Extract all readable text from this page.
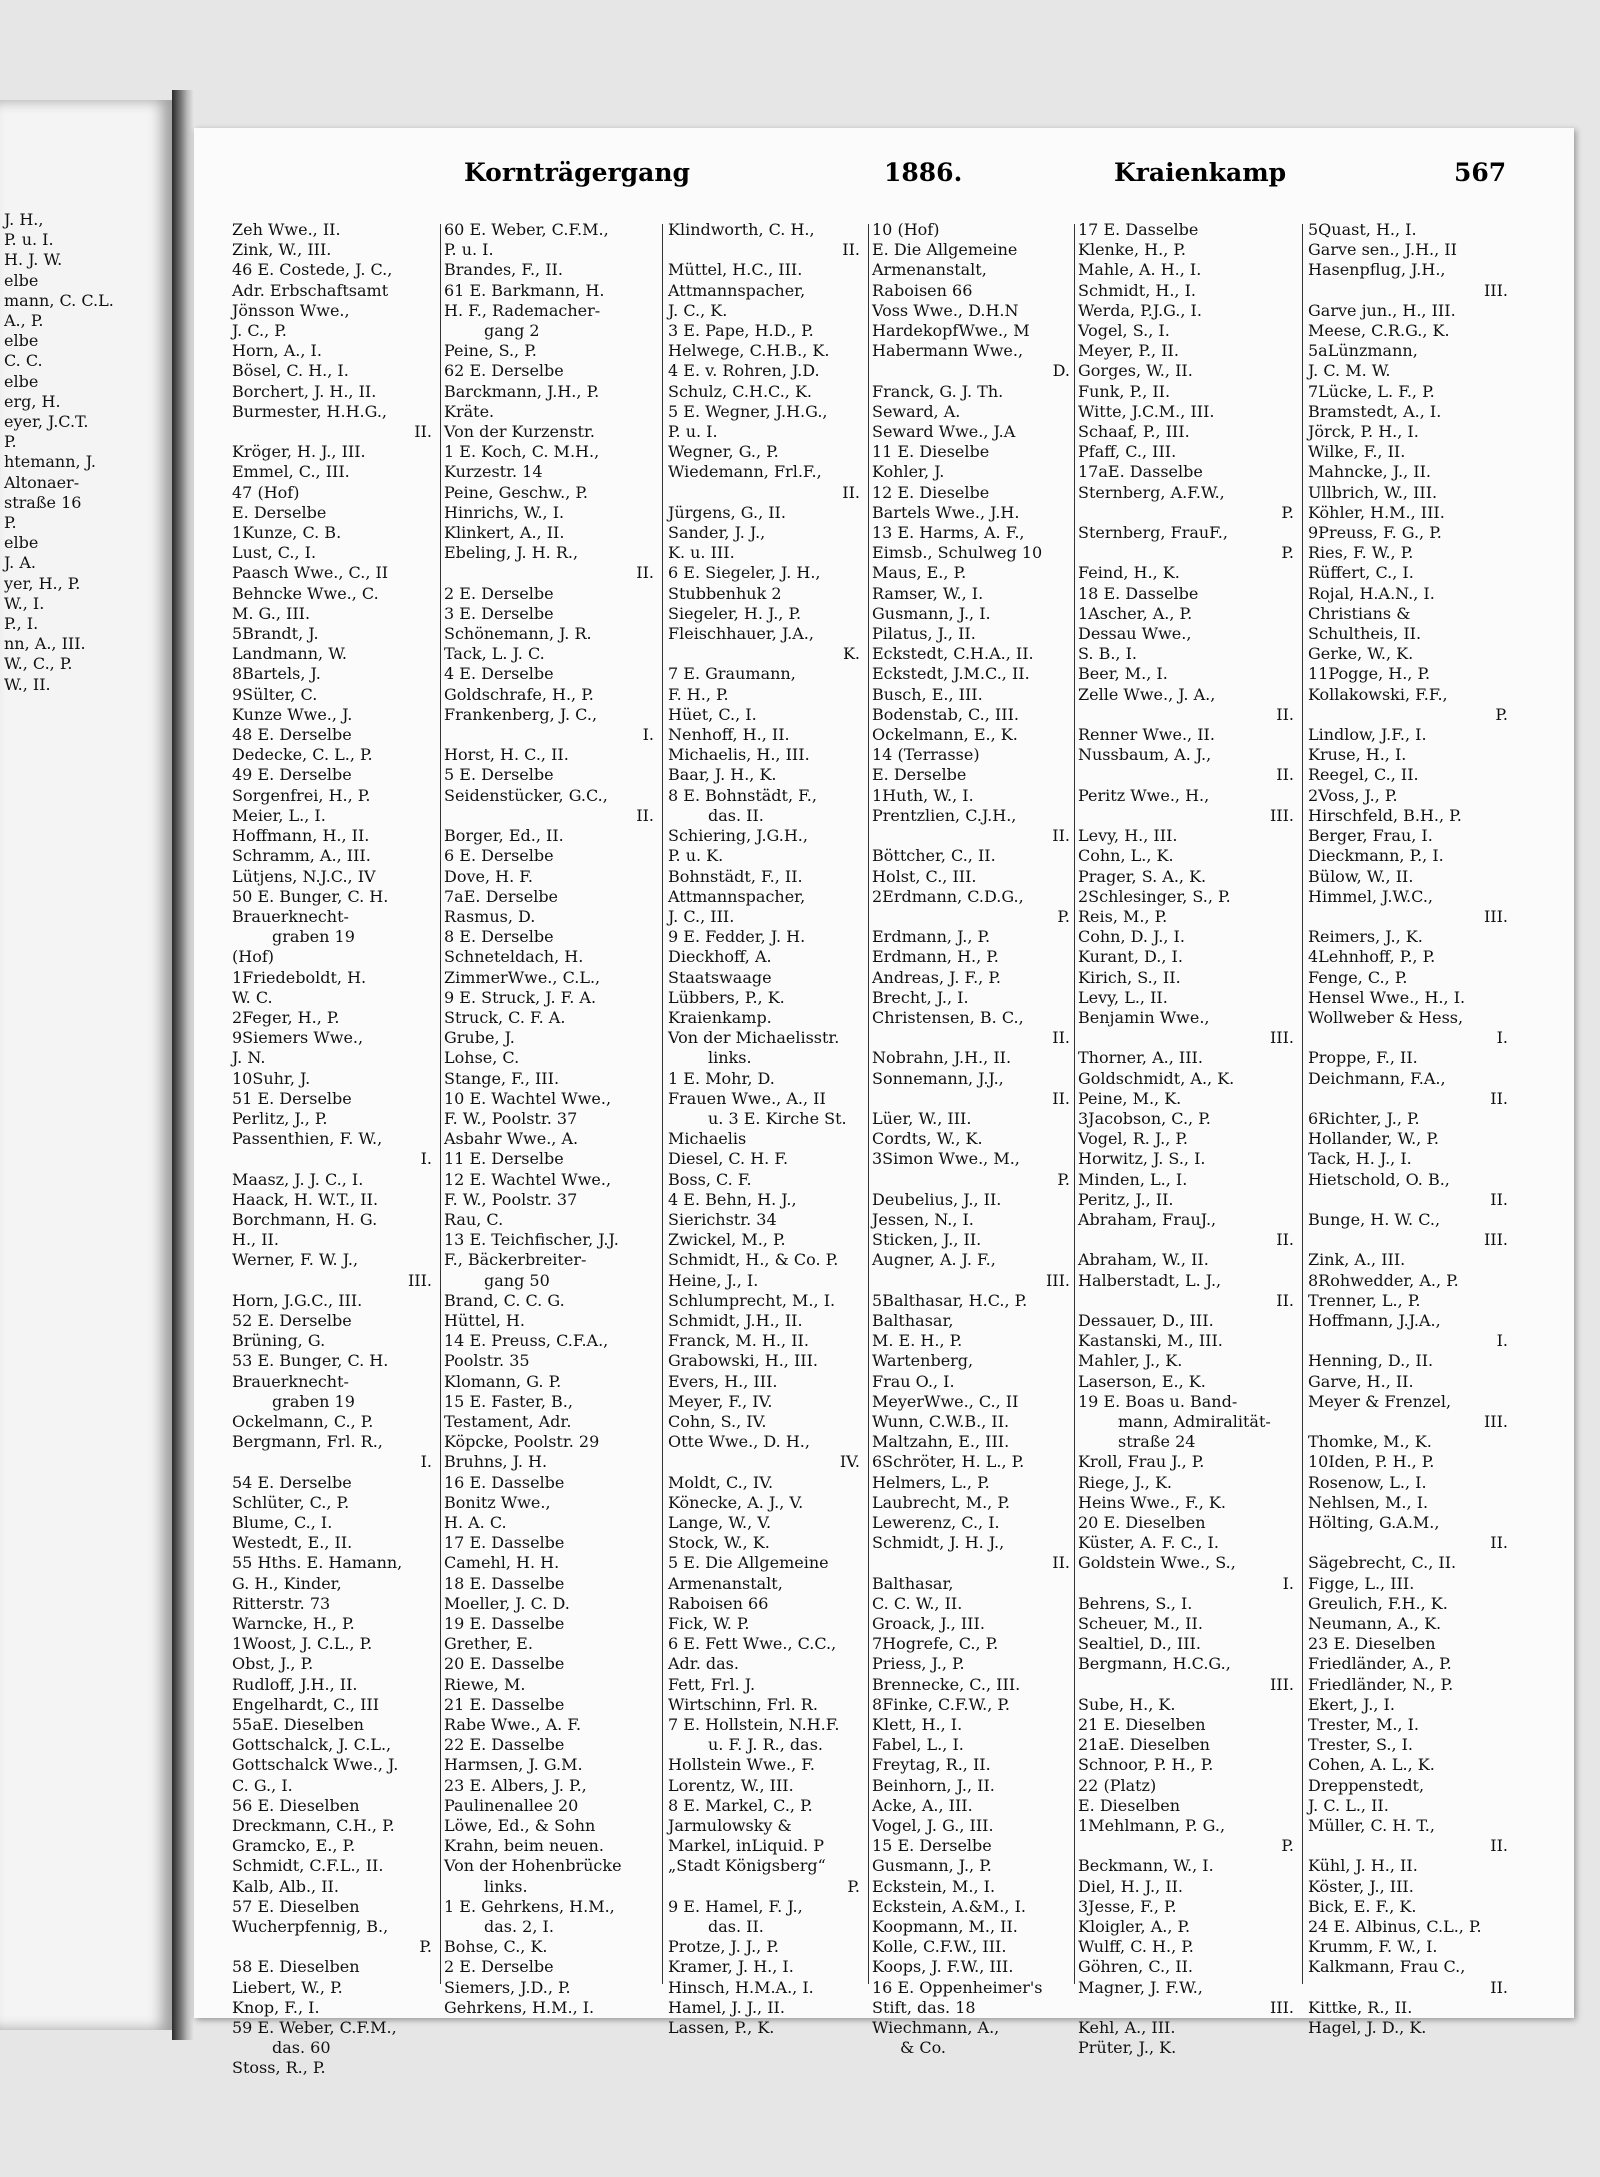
J. H.,
P. u. I.
H. J. W.
elbe
mann, C. C.L.
A., P.
elbe
C. C.
elbe
erg, H.
eyer, J.C.T.
P.
htemann, J.
Altonaer-
straße 16
P.
elbe
J. A.
yer, H., P.
W., I.
P., I.
nn, A., III.
W., C., P.
W., II.
Kornträgergang	1886.	Kraienkamp	567
Zeh Wwe., II.
Zink, W., III.
46 E. Costede, J. C.,
Adr. Erbschaftsamt
Jönsson Wwe.,
J. C., P.
Horn, A., I.
Bösel, C. H., I.
Borchert, J. H., II.
Burmester, H.H.G.,
II.
Kröger, H. J., III.
Emmel, C., III.
47 (Hof)
E. Derselbe
1Kunze, C. B.
Lust, C., I.
Paasch Wwe., C., II
Behncke Wwe., C.
M. G., III.
5Brandt, J.
Landmann, W.
8Bartels, J.
9Sülter, C.
Kunze Wwe., J.
48 E. Derselbe
Dedecke, C. L., P.
49 E. Derselbe
Sorgenfrei, H., P.
Meier, L., I.
Hoffmann, H., II.
Schramm, A., III.
Lütjens, N.J.C., IV
50 E. Bunger, C. H.
Brauerknecht-
graben 19
(Hof)
1Friedeboldt, H.
W. C.
2Feger, H., P.
9Siemers Wwe.,
J. N.
10Suhr, J.
51 E. Derselbe
Perlitz, J., P.
Passenthien, F. W.,
I.
Maasz, J. J. C., I.
Haack, H. W.T., II.
Borchmann, H. G.
H., II.
Werner, F. W. J.,
III.
Horn, J.G.C., III.
52 E. Derselbe
Brüning, G.
53 E. Bunger, C. H.
Brauerknecht-
graben 19
Ockelmann, C., P.
Bergmann, Frl. R.,
I.
54 E. Derselbe
Schlüter, C., P.
Blume, C., I.
Westedt, E., II.
55 Hths. E. Hamann,
G. H., Kinder,
Ritterstr. 73
Warncke, H., P.
1Woost, J. C.L., P.
Obst, J., P.
Rudloff, J.H., II.
Engelhardt, C., III
55aE. Dieselben
Gottschalck, J. C.L.,
Gottschalck Wwe., J.
C. G., I.
56 E. Dieselben
Dreckmann, C.H., P.
Gramcko, E., P.
Schmidt, C.F.L., II.
Kalb, Alb., II.
57 E. Dieselben
Wucherpfennig, B.,
P.
58 E. Dieselben
Liebert, W., P.
Knop, F., I.
59 E. Weber, C.F.M.,
das. 60
Stoss, R., P.
60 E. Weber, C.F.M.,
P. u. I.
Brandes, F., II.
61 E. Barkmann, H.
H. F., Rademacher-
gang 2
Peine, S., P.
62 E. Derselbe
Barckmann, J.H., P.
Kräte.
Von der Kurzenstr.
1 E. Koch, C. M.H.,
Kurzestr. 14
Peine, Geschw., P.
Hinrichs, W., I.
Klinkert, A., II.
Ebeling, J. H. R.,
II.
2 E. Derselbe
3 E. Derselbe
Schönemann, J. R.
Tack, L. J. C.
4 E. Derselbe
Goldschrafe, H., P.
Frankenberg, J. C.,
I.
Horst, H. C., II.
5 E. Derselbe
Seidenstücker, G.C.,
II.
Borger, Ed., II.
6 E. Derselbe
Dove, H. F.
7aE. Derselbe
Rasmus, D.
8 E. Derselbe
Schneteldach, H.
ZimmerWwe., C.L.,
9 E. Struck, J. F. A.
Struck, C. F. A.
Grube, J.
Lohse, C.
Stange, F., III.
10 E. Wachtel Wwe.,
F. W., Poolstr. 37
Asbahr Wwe., A.
11 E. Derselbe
12 E. Wachtel Wwe.,
F. W., Poolstr. 37
Rau, C.
13 E. Teichfischer, J.J.
F., Bäckerbreiter-
gang 50
Brand, C. C. G.
Hüttel, H.
14 E. Preuss, C.F.A.,
Poolstr. 35
Klomann, G. P.
15 E. Faster, B.,
Testament, Adr.
Köpcke, Poolstr. 29
Bruhns, J. H.
16 E. Dasselbe
Bonitz Wwe.,
H. A. C.
17 E. Dasselbe
Camehl, H. H.
18 E. Dasselbe
Moeller, J. C. D.
19 E. Dasselbe
Grether, E.
20 E. Dasselbe
Riewe, M.
21 E. Dasselbe
Rabe Wwe., A. F.
22 E. Dasselbe
Harmsen, J. G.M.
23 E. Albers, J. P.,
Paulinenallee 20
Löwe, Ed., & Sohn
Krahn, beim neuen.
Von der Hohenbrücke
links.
1 E. Gehrkens, H.M.,
das. 2, I.
Bohse, C., K.
2 E. Derselbe
Siemers, J.D., P.
Gehrkens, H.M., I.
Klindworth, C. H.,
II.
Müttel, H.C., III.
Attmannspacher,
J. C., K.
3 E. Pape, H.D., P.
Helwege, C.H.B., K.
4 E. v. Rohren, J.D.
Schulz, C.H.C., K.
5 E. Wegner, J.H.G.,
P. u. I.
Wegner, G., P.
Wiedemann, Frl.F.,
II.
Jürgens, G., II.
Sander, J. J.,
K. u. III.
6 E. Siegeler, J. H.,
Stubbenhuk 2
Siegeler, H. J., P.
Fleischhauer, J.A.,
K.
7 E. Graumann,
F. H., P.
Hüet, C., I.
Nenhoff, H., II.
Michaelis, H., III.
Baar, J. H., K.
8 E. Bohnstädt, F.,
das. II.
Schiering, J.G.H.,
P. u. K.
Bohnstädt, F., II.
Attmannspacher,
J. C., III.
9 E. Fedder, J. H.
Dieckhoff, A.
Staatswaage
Lübbers, P., K.
Kraienkamp.
Von der Michaelisstr.
links.
1 E. Mohr, D.
Frauen Wwe., A., II
u. 3 E. Kirche St.
Michaelis
Diesel, C. H. F.
Boss, C. F.
4 E. Behn, H. J.,
Sierichstr. 34
Zwickel, M., P.
Schmidt, H., & Co. P.
Heine, J., I.
Schlumprecht, M., I.
Schmidt, J.H., II.
Franck, M. H., II.
Grabowski, H., III.
Evers, H., III.
Meyer, F., IV.
Cohn, S., IV.
Otte Wwe., D. H.,
IV.
Moldt, C., IV.
Könecke, A. J., V.
Lange, W., V.
Stock, W., K.
5 E. Die Allgemeine
Armenanstalt,
Raboisen 66
Fick, W. P.
6 E. Fett Wwe., C.C.,
Adr. das.
Fett, Frl. J.
Wirtschinn, Frl. R.
7 E. Hollstein, N.H.F.
u. F. J. R., das.
Hollstein Wwe., F.
Lorentz, W., III.
8 E. Markel, C., P.
Jarmulowsky &
Markel, inLiquid. P
„Stadt Königsberg“
P.
9 E. Hamel, F. J.,
das. II.
Protze, J. J., P.
Kramer, J. H., I.
Hinsch, H.M.A., I.
Hamel, J. J., II.
Lassen, P., K.
10 (Hof)
E. Die Allgemeine
Armenanstalt,
Raboisen 66
Voss Wwe., D.H.N
HardekopfWwe., M
Habermann Wwe.,
D.
Franck, G. J. Th.
Seward, A.
Seward Wwe., J.A
11 E. Dieselbe
Kohler, J.
12 E. Dieselbe
Bartels Wwe., J.H.
13 E. Harms, A. F.,
Eimsb., Schulweg 10
Maus, E., P.
Ramser, W., I.
Gusmann, J., I.
Pilatus, J., II.
Eckstedt, C.H.A., II.
Eckstedt, J.M.C., II.
Busch, E., III.
Bodenstab, C., III.
Ockelmann, E., K.
14 (Terrasse)
E. Derselbe
1Huth, W., I.
Prentzlien, C.J.H.,
II.
Böttcher, C., II.
Holst, C., III.
2Erdmann, C.D.G.,
P.
Erdmann, J., P.
Erdmann, H., P.
Andreas, J. F., P.
Brecht, J., I.
Christensen, B. C.,
II.
Nobrahn, J.H., II.
Sonnemann, J.J.,
II.
Lüer, W., III.
Cordts, W., K.
3Simon Wwe., M.,
P.
Deubelius, J., II.
Jessen, N., I.
Sticken, J., II.
Augner, A. J. F.,
III.
5Balthasar, H.C., P.
Balthasar,
M. E. H., P.
Wartenberg,
Frau O., I.
MeyerWwe., C., II
Wunn, C.W.B., II.
Maltzahn, E., III.
6Schröter, H. L., P.
Helmers, L., P.
Laubrecht, M., P.
Lewerenz, C., I.
Schmidt, J. H. J.,
II.
Balthasar,
C. C. W., II.
Groack, J., III.
7Hogrefe, C., P.
Priess, J., P.
Brennecke, C., III.
8Finke, C.F.W., P.
Klett, H., I.
Fabel, L., I.
Freytag, R., II.
Beinhorn, J., II.
Acke, A., III.
Vogel, J. G., III.
15 E. Derselbe
Gusmann, J., P.
Eckstein, M., I.
Eckstein, A.&M., I.
Koopmann, M., II.
Kolle, C.F.W., III.
Koops, J. F.W., III.
16 E. Oppenheimer's
Stift, das. 18
Wiechmann, A.,
& Co.
17 E. Dasselbe
Klenke, H., P.
Mahle, A. H., I.
Schmidt, H., I.
Werda, P.J.G., I.
Vogel, S., I.
Meyer, P., II.
Gorges, W., II.
Funk, P., II.
Witte, J.C.M., III.
Schaaf, P., III.
Pfaff, C., III.
17aE. Dasselbe
Sternberg, A.F.W.,
P.
Sternberg, FrauF.,
P.
Feind, H., K.
18 E. Dasselbe
1Ascher, A., P.
Dessau Wwe.,
S. B., I.
Beer, M., I.
Zelle Wwe., J. A.,
II.
Renner Wwe., II.
Nussbaum, A. J.,
II.
Peritz Wwe., H.,
III.
Levy, H., III.
Cohn, L., K.
Prager, S. A., K.
2Schlesinger, S., P.
Reis, M., P.
Cohn, D. J., I.
Kurant, D., I.
Kirich, S., II.
Levy, L., II.
Benjamin Wwe.,
III.
Thorner, A., III.
Goldschmidt, A., K.
Peine, M., K.
3Jacobson, C., P.
Vogel, R. J., P.
Horwitz, J. S., I.
Minden, L., I.
Peritz, J., II.
Abraham, FrauJ.,
II.
Abraham, W., II.
Halberstadt, L. J.,
II.
Dessauer, D., III.
Kastanski, M., III.
Mahler, J., K.
Laserson, E., K.
19 E. Boas u. Band-
mann, Admiralität-
straße 24
Kroll, Frau J., P.
Riege, J., K.
Heins Wwe., F., K.
20 E. Dieselben
Küster, A. F. C., I.
Goldstein Wwe., S.,
I.
Behrens, S., I.
Scheuer, M., II.
Sealtiel, D., III.
Bergmann, H.C.G.,
III.
Sube, H., K.
21 E. Dieselben
21aE. Dieselben
Schnoor, P. H., P.
22 (Platz)
E. Dieselben
1Mehlmann, P. G.,
P.
Beckmann, W., I.
Diel, H. J., II.
3Jesse, F., P.
Kloigler, A., P.
Wulff, C. H., P.
Göhren, C., II.
Magner, J. F.W.,
III.
Kehl, A., III.
Prüter, J., K.
5Quast, H., I.
Garve sen., J.H., II
Hasenpflug, J.H.,
III.
Garve jun., H., III.
Meese, C.R.G., K.
5aLünzmann,
J. C. M. W.
7Lücke, L. F., P.
Bramstedt, A., I.
Jörck, P. H., I.
Wilke, F., II.
Mahncke, J., II.
Ullbrich, W., III.
Köhler, H.M., III.
9Preuss, F. G., P.
Ries, F. W., P.
Rüffert, C., I.
Rojal, H.A.N., I.
Christians &
Schultheis, II.
Gerke, W., K.
11Pogge, H., P.
Kollakowski, F.F.,
P.
Lindlow, J.F., I.
Kruse, H., I.
Reegel, C., II.
2Voss, J., P.
Hirschfeld, B.H., P.
Berger, Frau, I.
Dieckmann, P., I.
Bülow, W., II.
Himmel, J.W.C.,
III.
Reimers, J., K.
4Lehnhoff, P., P.
Fenge, C., P.
Hensel Wwe., H., I.
Wollweber & Hess,
I.
Proppe, F., II.
Deichmann, F.A.,
II.
6Richter, J., P.
Hollander, W., P.
Tack, H. J., I.
Hietschold, O. B.,
II.
Bunge, H. W. C.,
III.
Zink, A., III.
8Rohwedder, A., P.
Trenner, L., P.
Hoffmann, J.J.A.,
I.
Henning, D., II.
Garve, H., II.
Meyer & Frenzel,
III.
Thomke, M., K.
10Iden, P. H., P.
Rosenow, L., I.
Nehlsen, M., I.
Hölting, G.A.M.,
II.
Sägebrecht, C., II.
Figge, L., III.
Greulich, F.H., K.
Neumann, A., K.
23 E. Dieselben
Friedländer, A., P.
Friedländer, N., P.
Ekert, J., I.
Trester, M., I.
Trester, S., I.
Cohen, A. L., K.
Dreppenstedt,
J. C. L., II.
Müller, C. H. T.,
II.
Kühl, J. H., II.
Köster, J., III.
Bick, E. F., K.
24 E. Albinus, C.L., P.
Krumm, F. W., I.
Kalkmann, Frau C.,
II.
Kittke, R., II.
Hagel, J. D., K.
